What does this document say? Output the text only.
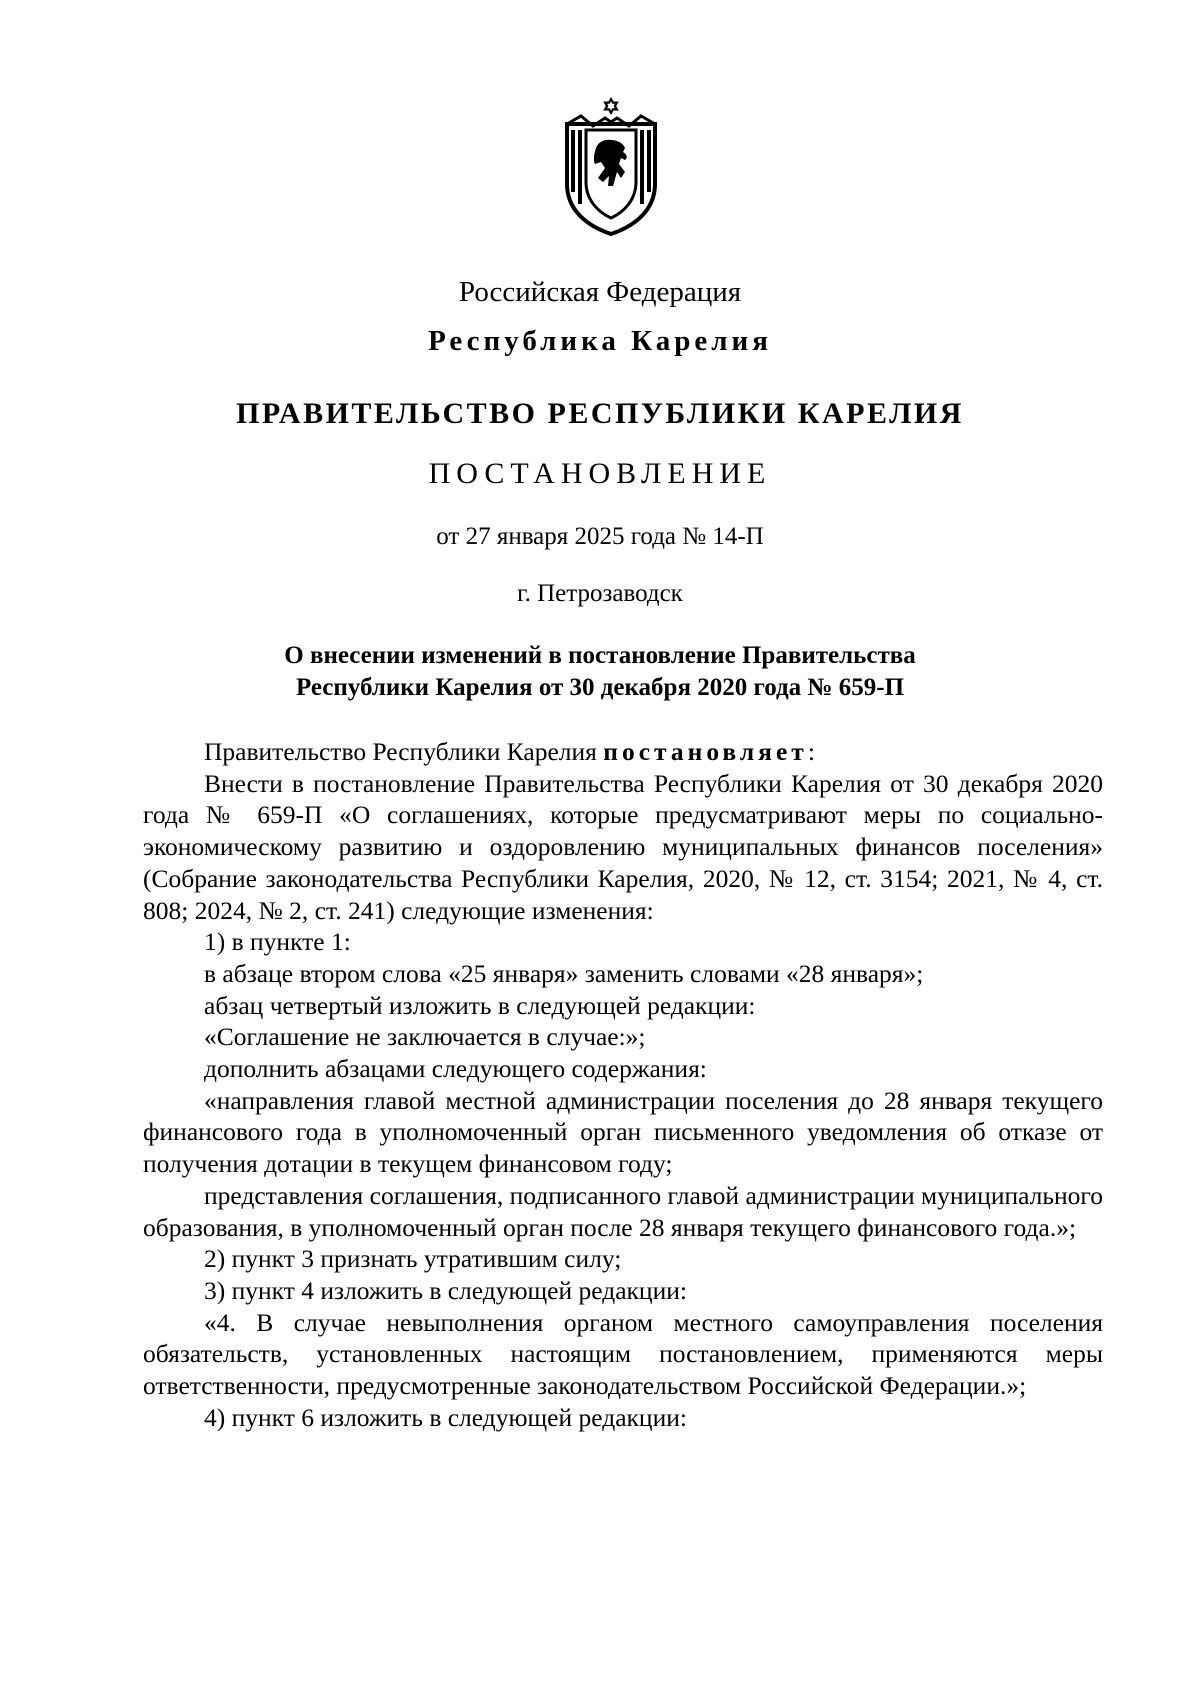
Российская Федерация
Республика Карелия
ПРАВИТЕЛЬСТВО РЕСПУБЛИКИ КАРЕЛИЯ
ПОСТАНОВЛЕНИЕ
от 27 января 2025 года № 14-П
г. Петрозаводск
О внесении изменений в постановление Правительства
Республики Карелия от 30 декабря 2020 года № 659-П

Правительство Республики Карелия постановляет:

Внести в постановление Правительства Республики Карелия от 30 декабря 2020 года № 659-П «О соглашениях, которые предусматривают меры по социально-экономическому развитию и оздоровлению муниципальных финансов поселения» (Собрание законодательства Республики Карелия, 2020, № 12, ст. 3154; 2021, № 4, ст. 808; 2024, № 2, ст. 241) следующие изменения:

1) в пункте 1:

в абзаце втором слова «25 января» заменить словами «28 января»;

абзац четвертый изложить в следующей редакции:

«Соглашение не заключается в случае:»;

дополнить абзацами следующего содержания:

«направления главой местной администрации поселения до 28 января текущего финансового года в уполномоченный орган письменного уведомления об отказе от получения дотации в текущем финансовом году;

представления соглашения, подписанного главой администрации муниципального образования, в уполномоченный орган после 28 января текущего финансового года.»;

2) пункт 3 признать утратившим силу;

3) пункт 4 изложить в следующей редакции:

«4. В случае невыполнения органом местного самоуправления поселения обязательств, установленных настоящим постановлением, применяются меры ответственности, предусмотренные законодательством Российской Федерации.»;

4) пункт 6 изложить в следующей редакции:
